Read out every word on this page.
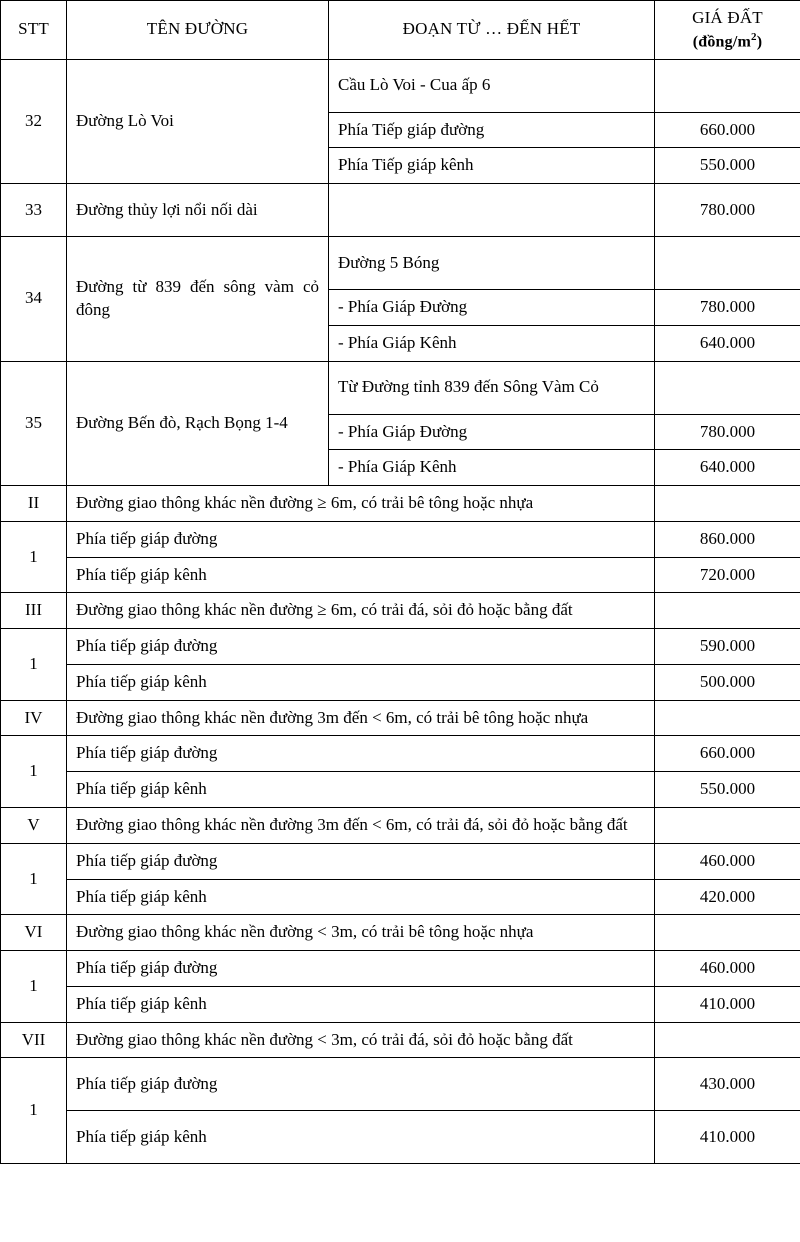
STT	TÊN ĐƯỜNG	ĐOẠN TỪ … ĐẾN HẾT	GIÁ ĐẤT
$(đồng/m^2)$

32	Đường Lò Voi	Cầu Lò Voi - Cua ấp 6	
		Phía Tiếp giáp đường	660.000
		Phía Tiếp giáp kênh	550.000
33	Đường thủy lợi nổi nối dài		780.000
34	Đường từ 839 đến sông vàm cỏ đông	Đường 5 Bóng	
		- Phía Giáp Đường	780.000
		- Phía Giáp Kênh	640.000
35	Đường Bến đò, Rạch Bọng 1-4	Từ Đường tỉnh 839 đến Sông Vàm Cỏ	
		- Phía Giáp Đường	780.000
		- Phía Giáp Kênh	640.000
II	Đường giao thông khác nền đường ≥ 6m, có trải bê tông hoặc nhựa		
1	Phía tiếp giáp đường		860.000
	Phía tiếp giáp kênh		720.000
III	Đường giao thông khác nền đường ≥ 6m, có trải đá, sỏi đỏ hoặc bằng đất		
1	Phía tiếp giáp đường		590.000
	Phía tiếp giáp kênh		500.000
IV	Đường giao thông khác nền đường 3m đến < 6m, có trải bê tông hoặc nhựa		
1	Phía tiếp giáp đường		660.000
	Phía tiếp giáp kênh		550.000
V	Đường giao thông khác nền đường 3m đến < 6m, có trải đá, sỏi đỏ hoặc bằng đất		
1	Phía tiếp giáp đường		460.000
	Phía tiếp giáp kênh		420.000
VI	Đường giao thông khác nền đường < 3m, có trải bê tông hoặc nhựa		
1	Phía tiếp giáp đường		460.000
	Phía tiếp giáp kênh		410.000
VII	Đường giao thông khác nền đường < 3m, có trải đá, sỏi đỏ hoặc bằng đất		
1	Phía tiếp giáp đường		430.000
	Phía tiếp giáp kênh		410.000
